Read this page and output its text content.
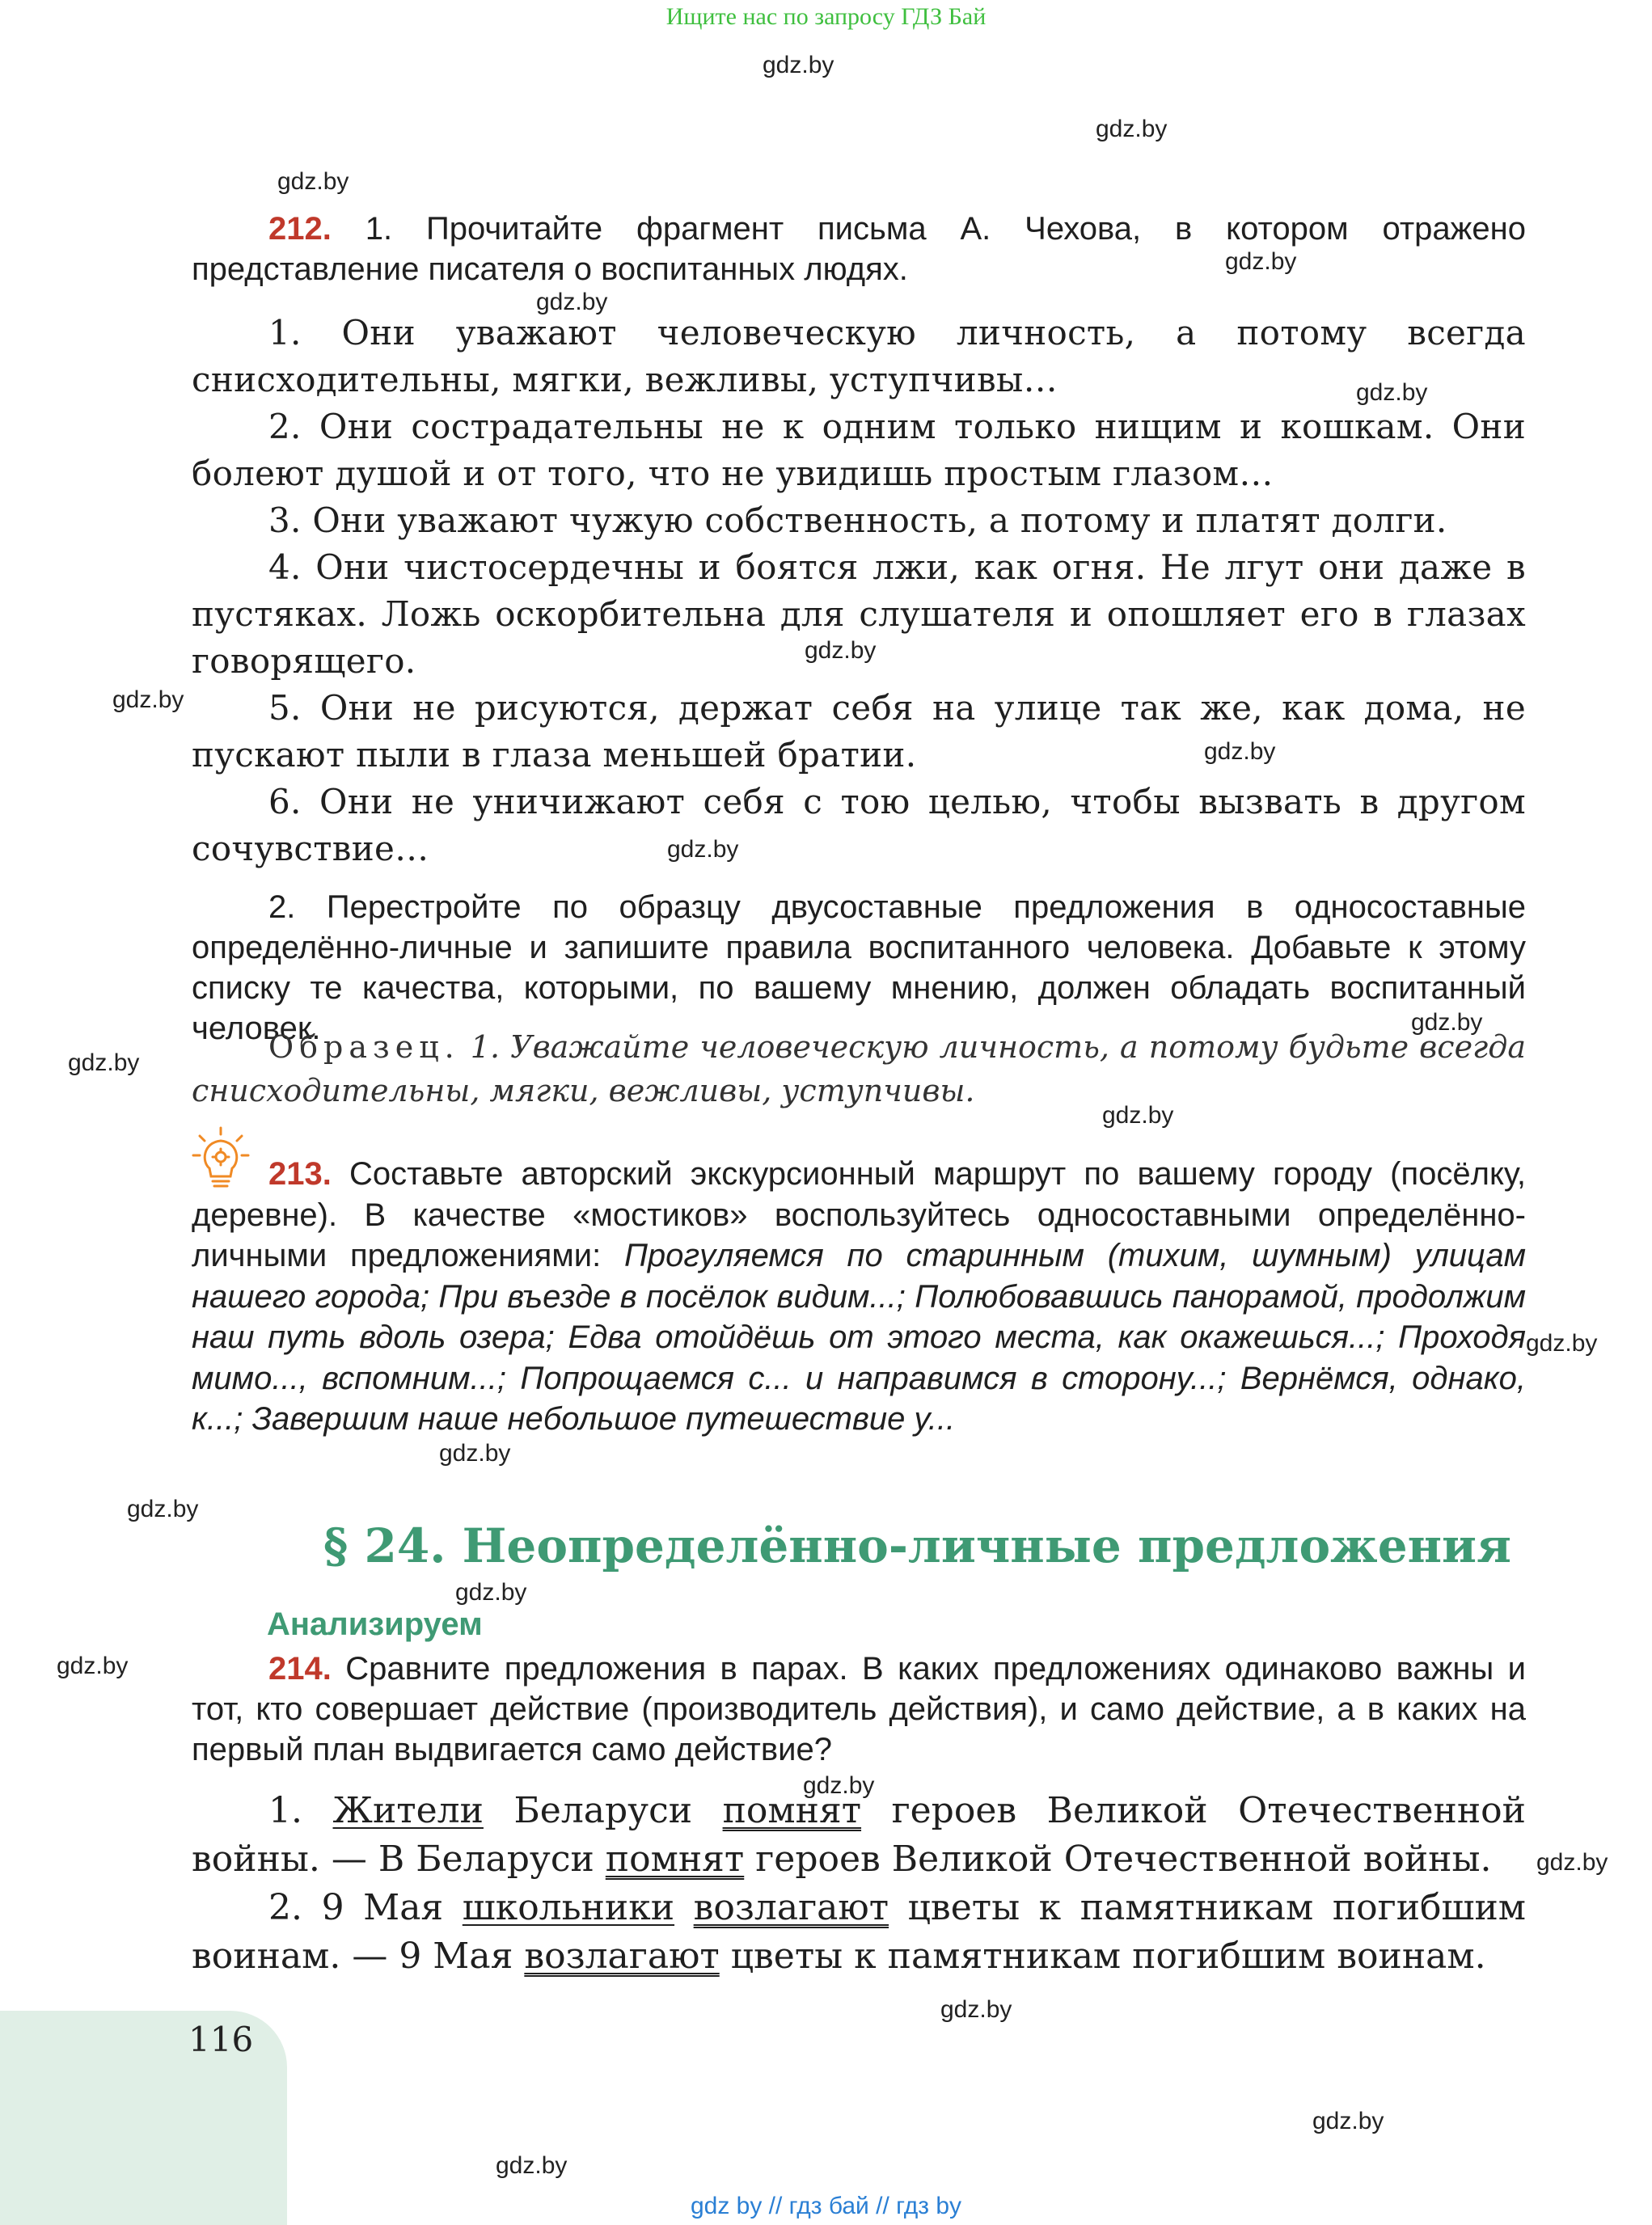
Ищите нас по запросу ГДЗ Бай
gdz.by
gdz.by
gdz.by
gdz.by
gdz.by
gdz.by
gdz.by
gdz.by
gdz.by
gdz.by
gdz.by
gdz.by
gdz.by
gdz.by
gdz.by
gdz.by
gdz.by
gdz.by
gdz.by
gdz.by
gdz.by
gdz.by
gdz.by

212. 1. Прочитайте фрагмент письма А. Чехова, в котором отражено представление писателя о воспитанных людях.

1. Они уважают человеческую личность, а потому всегда снисходительны, мягки, вежливы, уступчивы…

2. Они сострадательны не к одним только нищим и кошкам. Они болеют душой и от того, что не увидишь простым глазом…

3. Они уважают чужую собственность, а потому и платят долги.

4. Они чистосердечны и боятся лжи, как огня. Не лгут они даже в пустяках. Ложь оскорбительна для слушателя и опошляет его в глазах говорящего.

5. Они не рисуются, держат себя на улице так же, как дома, не пускают пыли в глаза меньшей братии.

6. Они не уничижают себя с тою целью, чтобы вызвать в другом сочувствие…

2. Перестройте по образцу двусоставные предложения в односоставные определённо-личные и запишите правила воспитанного человека. Добавьте к этому списку те качества, которыми, по вашему мнению, должен обладать воспитанный человек.

Образец. 1. Уважайте человеческую личность, а потому будьте всегда снисходительны, мягки, вежливы, уступчивы.

213. Составьте авторский экскурсионный маршрут по вашему городу (посёлку, деревне). В качестве «мостиков» воспользуйтесь односоставными определённо-личными предложениями: Прогуляемся по старинным (тихим, шумным) улицам нашего города; При въезде в посёлок видим...; Полюбовавшись панорамой, продолжим наш путь вдоль озера; Едва отойдёшь от этого места, как окажешься...; Проходя мимо..., вспомним...; Попрощаемся с... и направимся в сторону...; Вернёмся, однако, к...; Завершим наше небольшое путешествие у...

§ 24. Неопределённо-личные предложения
Анализируем

214. Сравните предложения в парах. В каких предложениях одинаково важны и тот, кто совершает действие (производитель действия), и само действие, а в каких на первый план выдвигается само действие?

1. Жители Беларуси помнят героев Великой Отечественной войны. — В Беларуси помнят героев Великой Отечественной войны.

2. 9 Мая школьники возлагают цветы к памятникам погибшим воинам. — 9 Мая возлагают цветы к памятникам погибшим воинам.

116
gdz by // гдз бай // гдз by
